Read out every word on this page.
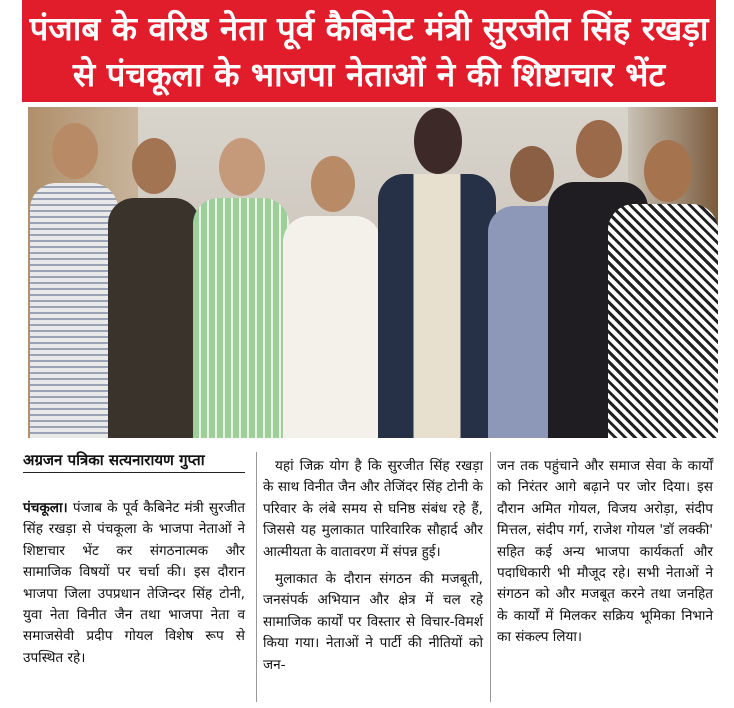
पंजाब के वरिष्ठ नेता पूर्व कैबिनेट मंत्री सुरजीत सिंह रखड़ा
से पंचकूला के भाजपा नेताओं ने की शिष्टाचार भेंट
अग्रजन पत्रिका सत्यनारायण गुप्ता

पंचकूला। पंजाब के पूर्व कैबिनेट मंत्री सुरजीत सिंह रखड़ा से पंचकूला के भाजपा नेताओं ने शिष्टाचार भेंट कर संगठनात्मक और सामाजिक विषयों पर चर्चा की। इस दौरान भाजपा जिला उपप्रधान तेजिन्दर सिंह टोनी, युवा नेता विनीत जैन तथा भाजपा नेता व समाजसेवी प्रदीप गोयल विशेष रूप से उपस्थित रहे।

यहां जिक्र योग है कि सुरजीत सिंह रखड़ा के साथ विनीत जैन और तेजिंदर सिंह टोनी के परिवार के लंबे समय से घनिष्ठ संबंध रहे हैं, जिससे यह मुलाकात पारिवारिक सौहार्द और आत्मीयता के वातावरण में संपन्न हुई।

मुलाकात के दौरान संगठन की मजबूती, जनसंपर्क अभियान और क्षेत्र में चल रहे सामाजिक कार्यों पर विस्तार से विचार-विमर्श किया गया। नेताओं ने पार्टी की नीतियों को जन-

जन तक पहुंचाने और समाज सेवा के कार्यों को निरंतर आगे बढ़ाने पर जोर दिया। इस दौरान अमित गोयल, विजय अरोड़ा, संदीप मित्तल, संदीप गर्ग, राजेश गोयल 'डॉ लक्की' सहित कई अन्य भाजपा कार्यकर्ता और पदाधिकारी भी मौजूद रहे। सभी नेताओं ने संगठन को और मजबूत करने तथा जनहित के कार्यों में मिलकर सक्रिय भूमिका निभाने का संकल्प लिया।
